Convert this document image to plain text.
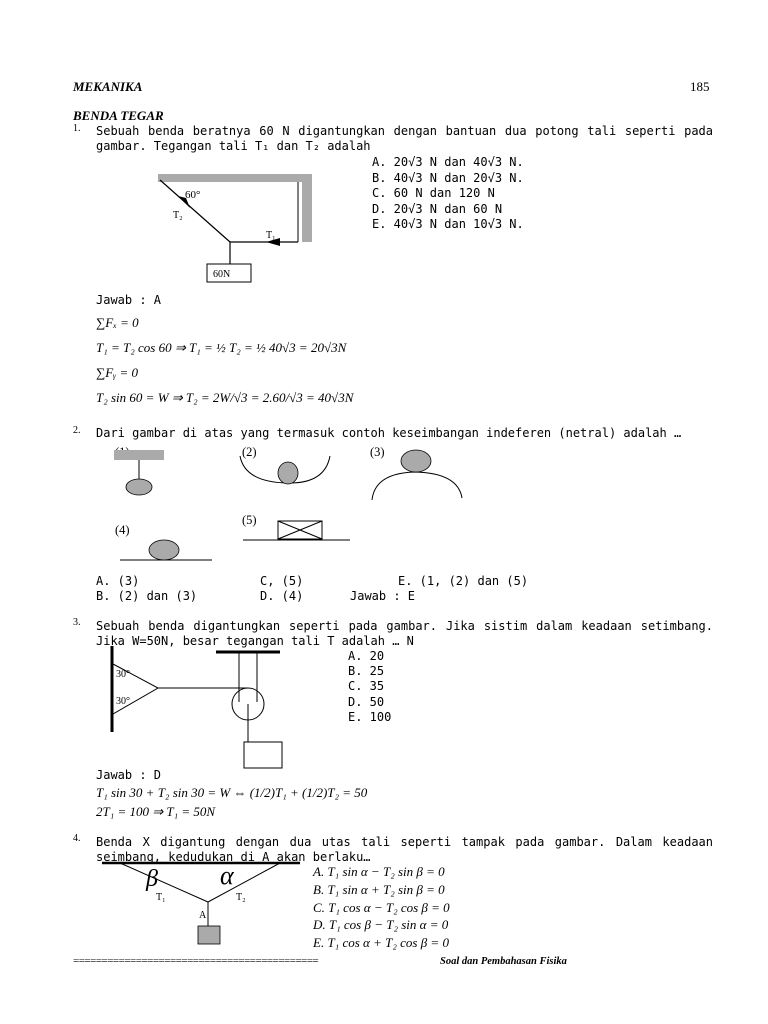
MEKANIKA	185
BENDA TEGAR
1. Sebuah benda beratnya 60 N digantungkan dengan bantuan dua potong tali seperti pada gambar. Tegangan tali T₁ dan T₂ adalah
60°
T₂
T₁
60N
A. 20√3 N dan 40√3 N.
B. 40√3 N dan 20√3 N.
C. 60 N dan 120 N
D. 20√3 N dan 60 N
E. 40√3 N dan 10√3 N.
Jawab : A
∑Fₓ = 0
T₁ = T₂ cos 60 ⇒ T₁ = ½ T₂ = ½ 40√3 = 20√3N
∑Fᵧ = 0
T₂ sin 60 = W ⇒ T₂ = 2W/√3 = 2.60/√3 = 40√3N
2. Dari gambar di atas yang termasuk contoh keseimbangan indeferen (netral) adalah …
(2)	(3)
(4)
(5)
A. (3)	C, (5)	E. (1, (2) dan (5)
B. (2) dan (3)	D. (4)	Jawab : E
3. Sebuah benda digantungkan seperti pada gambar. Jika sistim dalam keadaan setimbang. Jika W=50N, besar tegangan tali T adalah … N
30°
30°
A. 20
B. 25
C. 35
D. 50
E. 100
Jawab : D
T₁ sin 30 + T₂ sin 30 = W ⇔ (1/2)T₁ + (1/2)T₂ = 50
2T₁ = 100 ⇒ T₁ = 50N
4. Benda X digantung dengan dua utas tali seperti tampak pada gambar. Dalam keadaan seimbang, kedudukan di A akan berlaku…
β α
T₁	T₂
A
A. T₁ sin α − T₂ sin β = 0
B. T₁ sin α + T₂ sin β = 0
C. T₁ cos α − T₂ cos β = 0
D. T₁ cos β − T₂ sin α = 0
E. T₁ cos α + T₂ cos β = 0
===========================================	Soal dan Pembahasan Fisika
